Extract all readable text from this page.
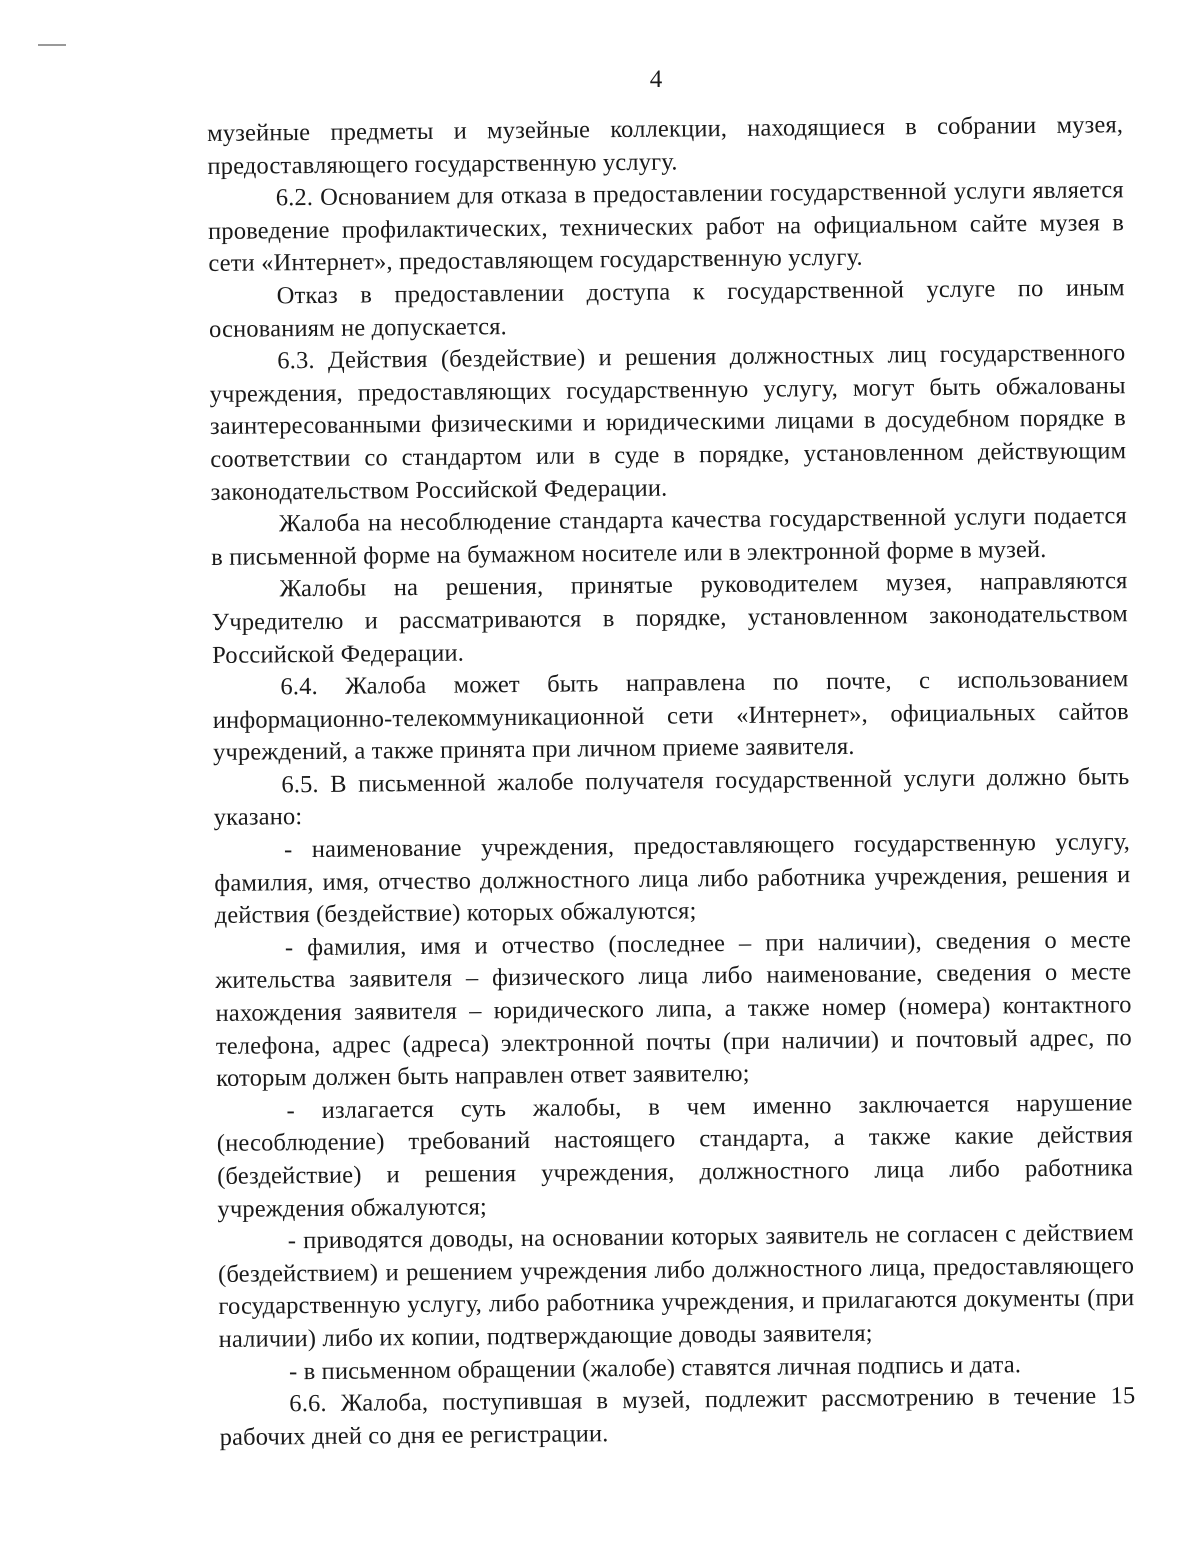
4

музейные предметы и музейные коллекции, находящиеся в собрании музея, предоставляющего государственную услугу.

6.2. Основанием для отказа в предоставлении государственной услуги является проведение профилактических, технических работ на официальном сайте музея в сети «Интернет», предоставляющем государственную услугу.

Отказ в предоставлении доступа к государственной услуге по иным основаниям не допускается.

6.3. Действия (бездействие) и решения должностных лиц государственного учреждения, предоставляющих государственную услугу, могут быть обжалованы заинтересованными физическими и юридическими лицами в досудебном порядке в соответствии со стандартом или в суде в порядке, установленном действующим законодательством Российской Федерации.

Жалоба на несоблюдение стандарта качества государственной услуги подается в письменной форме на бумажном носителе или в электронной форме в музей.

Жалобы на решения, принятые руководителем музея, направляются Учредителю и рассматриваются в порядке, установленном законодательством Российской Федерации.

6.4. Жалоба может быть направлена по почте, с использованием информационно-телекоммуникационной сети «Интернет», официальных сайтов учреждений, а также принята при личном приеме заявителя.

6.5. В письменной жалобе получателя государственной услуги должно быть указано:

- наименование учреждения, предоставляющего государственную услугу, фамилия, имя, отчество должностного лица либо работника учреждения, решения и действия (бездействие) которых обжалуются;

- фамилия, имя и отчество (последнее – при наличии), сведения о месте жительства заявителя – физического лица либо наименование, сведения о месте нахождения заявителя – юридического липа, а также номер (номера) контактного телефона, адрес (адреса) электронной почты (при наличии) и почтовый адрес, по которым должен быть направлен ответ заявителю;

- излагается суть жалобы, в чем именно заключается нарушение (несоблюдение) требований настоящего стандарта, а также какие действия (бездействие) и решения учреждения, должностного лица либо работника учреждения обжалуются;

- приводятся доводы, на основании которых заявитель не согласен с действием (бездействием) и решением учреждения либо должностного лица, предоставляющего государственную услугу, либо работника учреждения, и прилагаются документы (при наличии) либо их копии, подтверждающие доводы заявителя;

- в письменном обращении (жалобе) ставятся личная подпись и дата.

6.6. Жалоба, поступившая в музей, подлежит рассмотрению в течение 15 рабочих дней со дня ее регистрации.
